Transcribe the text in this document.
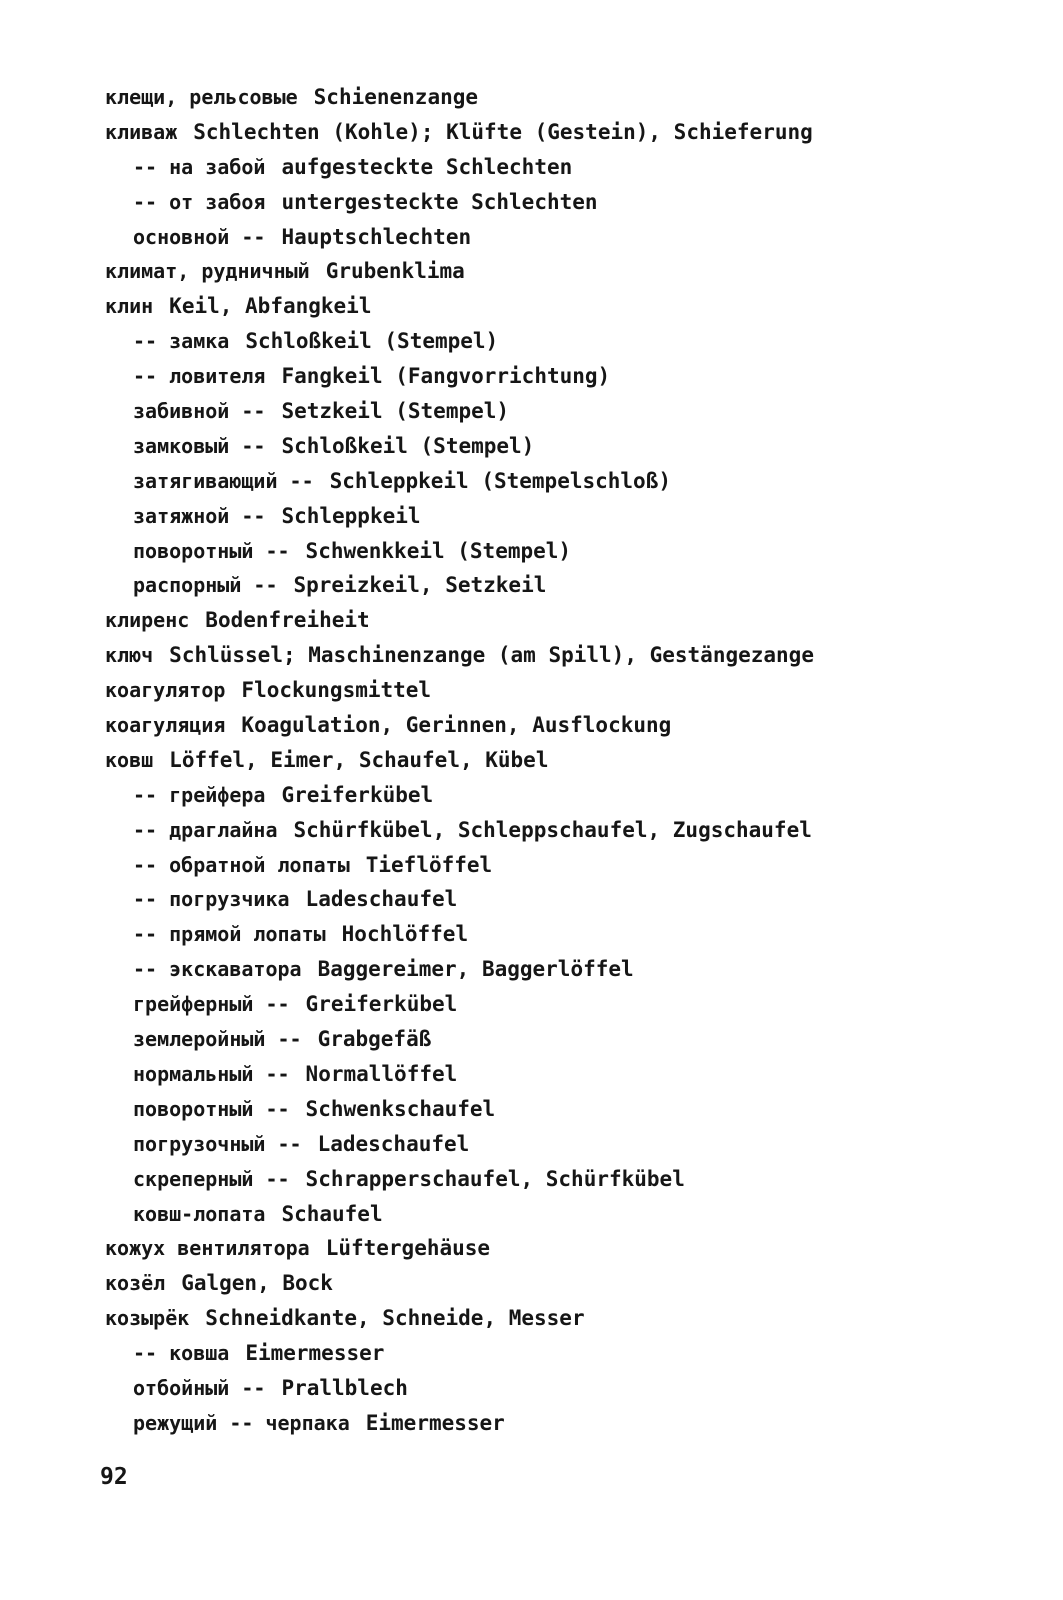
клещи, рельсовые Schienenzange
кливаж Schlechten (Kohle); Klüfte (Gestein), Schieferung
-- на забой aufgesteckte Schlechten
-- от забоя untergesteckte Schlechten
основной -- Hauptschlechten
климат, рудничный Grubenklima
клин Keil, Abfangkeil
-- замка Schloßkeil (Stempel)
-- ловителя Fangkeil (Fangvorrichtung)
забивной -- Setzkeil (Stempel)
замковый -- Schloßkeil (Stempel)
затягивающий -- Schleppkeil (Stempelschloß)
затяжной -- Schleppkeil
поворотный -- Schwenkkeil (Stempel)
распорный -- Spreizkeil, Setzkeil
клиренс Bodenfreiheit
ключ Schlüssel; Maschinenzange (am Spill), Gestängezange
коагулятор Flockungsmittel
коагуляция Koagulation, Gerinnen, Ausflockung
ковш Löffel, Eimer, Schaufel, Kübel
-- грейфера Greiferkübel
-- драглайна Schürfkübel, Schleppschaufel, Zugschaufel
-- обратной лопаты Tieflöffel
-- погрузчика Ladeschaufel
-- прямой лопаты Hochlöffel
-- экскаватора Baggereimer, Baggerlöffel
грейферный -- Greiferkübel
землеройный -- Grabgefäß
нормальный -- Normallöffel
поворотный -- Schwenkschaufel
погрузочный -- Ladeschaufel
скреперный -- Schrapperschaufel, Schürfkübel
ковш-лопата Schaufel
кожух вентилятора Lüftergehäuse
козёл Galgen, Bock
козырёк Schneidkante, Schneide, Messer
-- ковша Eimermesser
отбойный -- Prallblech
режущий -- черпака Eimermesser
92
